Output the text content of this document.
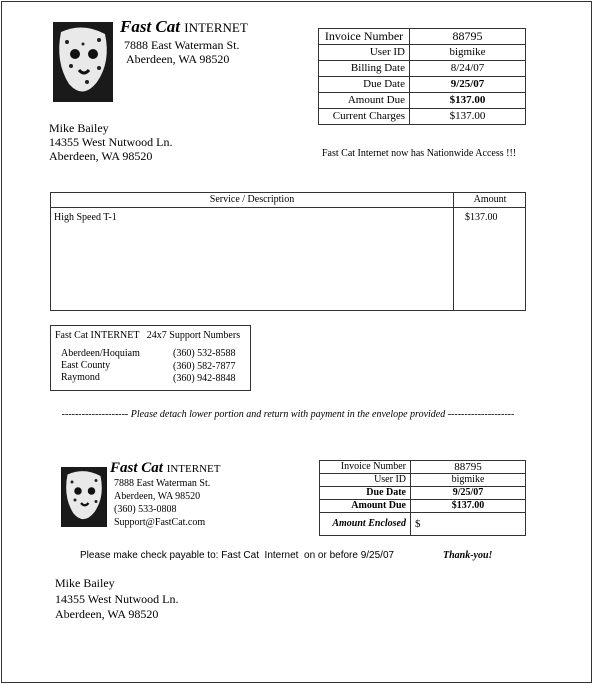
Fast Cat INTERNET
7888 East Waterman St.
Aberdeen, WA 98520
Invoice Number	88795
User ID	bigmike
Billing Date	8/24/07
Due Date	9/25/07
Amount Due	$137.00
Current Charges	$137.00
Mike Bailey
14355 West Nutwood Ln.
Aberdeen, WA 98520	Fast Cat Internet now has Nationwide Access !!!
Service / Description	Amount
High Speed T-1	$137.00
Fast Cat INTERNET   24x7 Support Numbers
Aberdeen/Hoquiam	(360) 532-8588
East County	(360) 582-7877
Raymond	(360) 942-8848
-------------------- Please detach lower portion and return with payment in the envelope provided --------------------
Fast Cat INTERNET
7888 East Waterman St.
Aberdeen, WA 98520
(360) 533-0808
Support@FastCat.com
Invoice Number	88795
User ID	bigmike
Due Date	9/25/07
Amount Due	$137.00
Amount Enclosed	$
Please make check payable to: Fast Cat  Internet  on or before 9/25/07	Thank-you!
Mike Bailey
14355 West Nutwood Ln.
Aberdeen, WA 98520
